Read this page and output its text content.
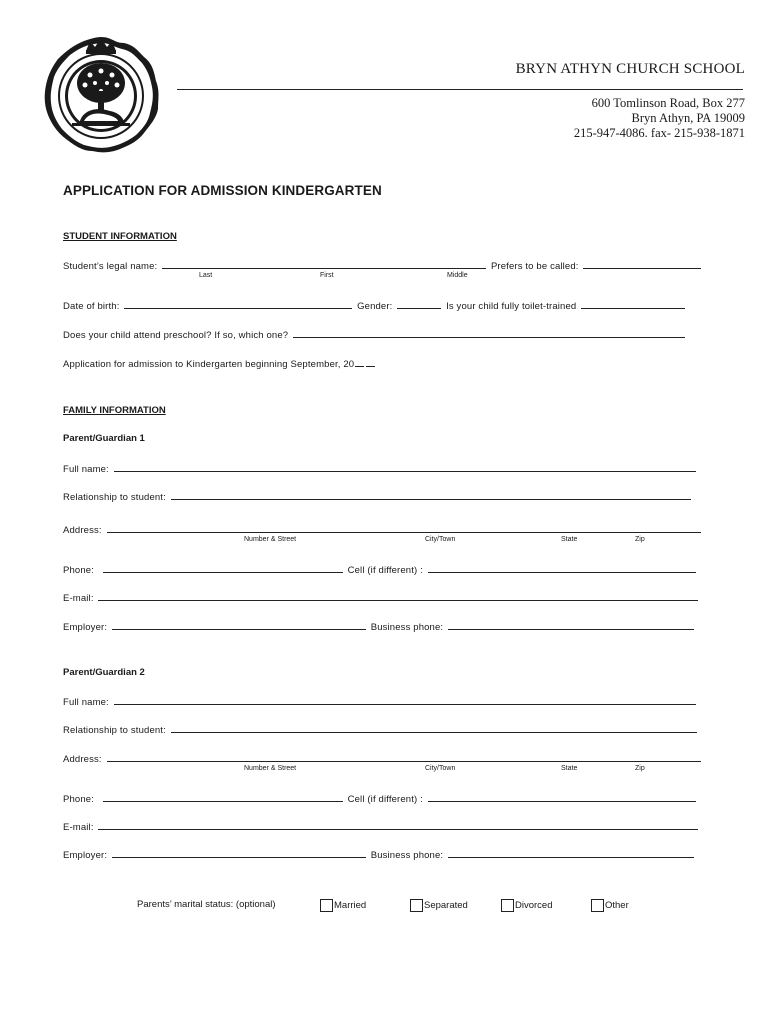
BRYN ATHYN CHURCH SCHOOL
600 Tomlinson Road, Box 277
Bryn Athyn, PA 19009
215-947-4086. fax- 215-938-1871
APPLICATION FOR ADMISSION KINDERGARTEN
STUDENT INFORMATION
Student’s legal name:	Prefers to be called:
Last	First	Middle
Date of birth:	Gender:	Is your child fully toilet-trained
Does your child attend preschool? If so, which one?
Application for admission to Kindergarten beginning September, 20
FAMILY INFORMATION
Parent/Guardian 1
Full name:
Relationship to student:
Address:
Number & Street	City/Town	State	Zip
Phone:	Cell (if different) :
E-mail:
Employer:	Business phone:
Parent/Guardian 2
Full name:
Relationship to student:
Address:
Number & Street	City/Town	State	Zip
Phone:	Cell (if different) :
E-mail:
Employer:	Business phone:
Parents’ marital status: (optional)	Married	Separated	Divorced	Other
